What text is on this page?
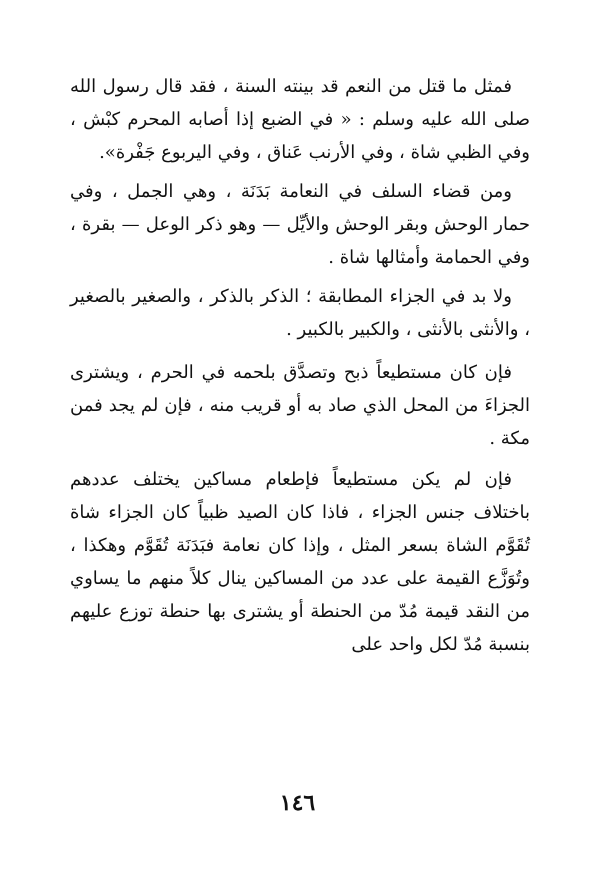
فمثل ما قتل من النعم قد بينته السنة ، فقد قال رسول الله صلى الله عليه وسلم : « في الضبع إذا أصابه المحرم كبْش ، وفي الظبي شاة ، وفي الأرنب عَناق ، وفي اليربوع جَفْرة».

ومن قضاء السلف في النعامة بَدَنَة ، وهي الجمل ، وفي حمار الوحش وبقر الوحش والأيِّل — وهو ذكر الوعل — بقرة ، وفي الحمامة وأمثالها شاة .

ولا بد في الجزاء المطابقة ؛ الذكر بالذكر ، والصغير بالصغير ، والأنثى بالأنثى ، والكبير بالكبير .

فإن كان مستطيعاً ذبح وتصدَّق بلحمه في الحرم ، ويشترى الجزاءَ من المحل الذي صاد به أو قريب منه ، فإن لم يجد فمن مكة .

فإن لم يكن مستطيعاً فإطعام مساكين يختلف عددهم باختلاف جنس الجزاء ، فاذا كان الصيد ظبياً كان الجزاء شاة تُقَوَّم الشاة بسعر المثل ، وإذا كان نعامة فبَدَنَة تُقَوَّم وهكذا ، وتُوَزَّع القيمة على عدد من المساكين ينال كلاً منهم ما يساوي من النقد قيمة مُدّ من الحنطة أو يشترى بها حنطة توزع عليهم بنسبة مُدّ لكل واحد على

١٤٦
